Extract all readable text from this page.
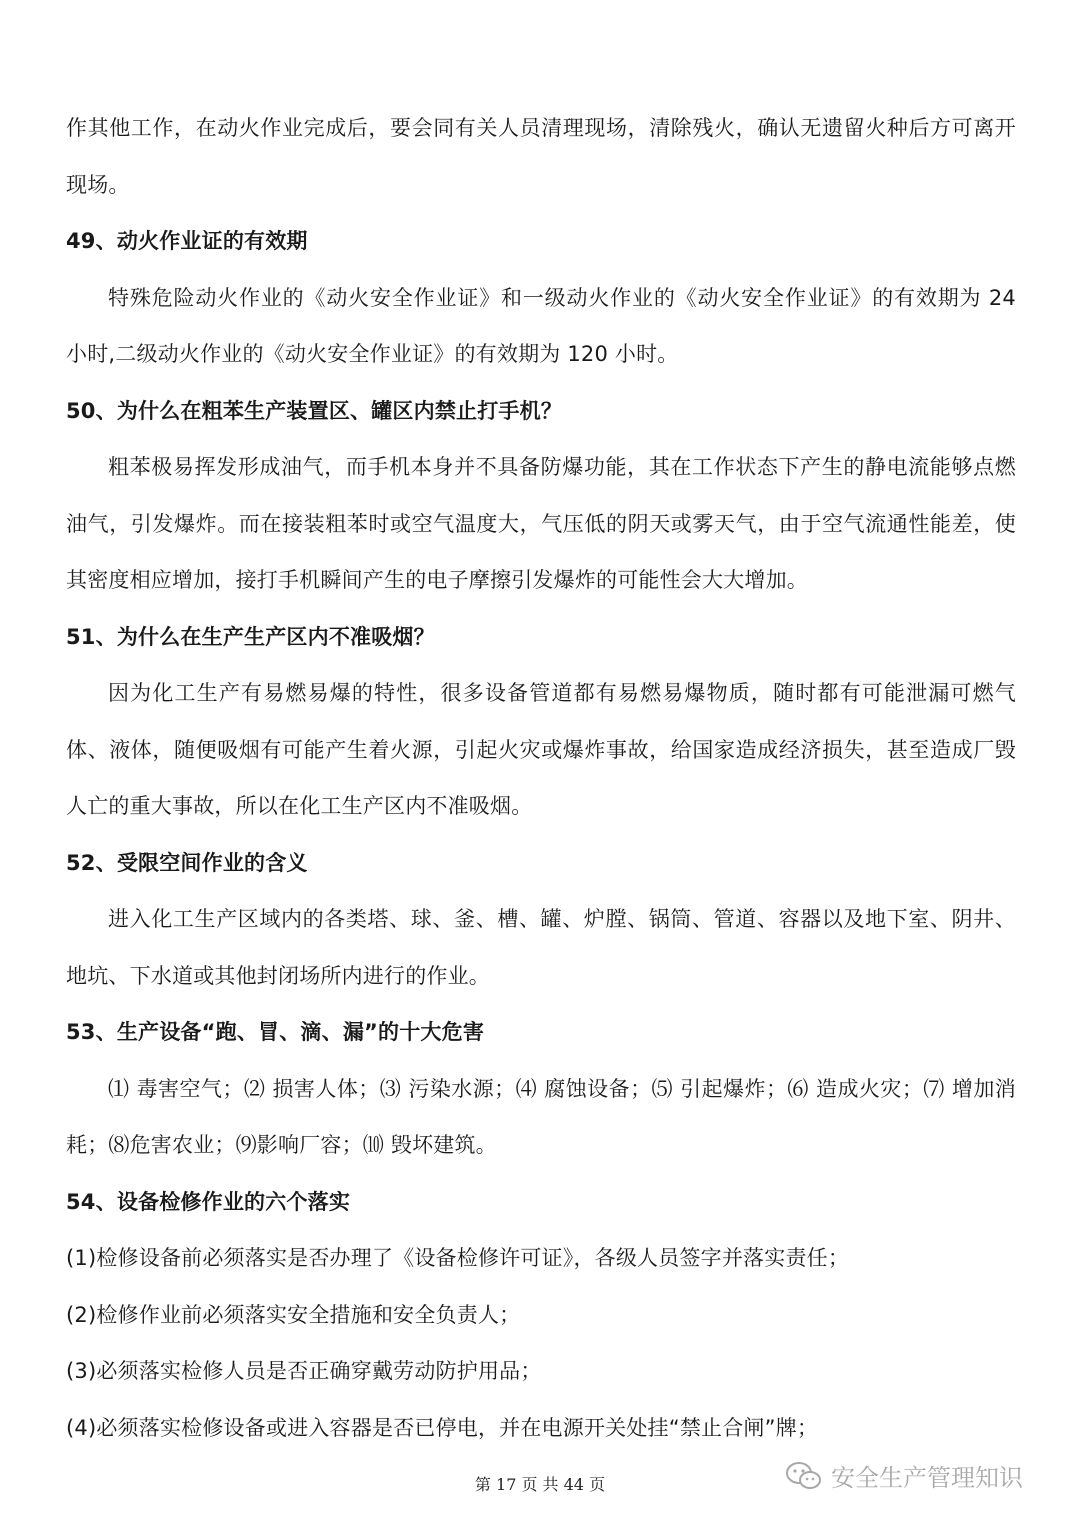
作其他工作，在动火作业完成后，要会同有关人员清理现场，清除残火，确认无遗留火种后方可离开现场。

49、动火作业证的有效期

特殊危险动火作业的《动火安全作业证》和一级动火作业的《动火安全作业证》的有效期为 24 小时,二级动火作业的《动火安全作业证》的有效期为 120 小时。

50、为什么在粗苯生产装置区、罐区内禁止打手机？

粗苯极易挥发形成油气，而手机本身并不具备防爆功能，其在工作状态下产生的静电流能够点燃油气，引发爆炸。而在接装粗苯时或空气温度大，气压低的阴天或雾天气，由于空气流通性能差，使其密度相应增加，接打手机瞬间产生的电子摩擦引发爆炸的可能性会大大增加。

51、为什么在生产生产区内不准吸烟？

因为化工生产有易燃易爆的特性，很多设备管道都有易燃易爆物质，随时都有可能泄漏可燃气体、液体，随便吸烟有可能产生着火源，引起火灾或爆炸事故，给国家造成经济损失，甚至造成厂毁人亡的重大事故，所以在化工生产区内不准吸烟。

52、受限空间作业的含义

进入化工生产区域内的各类塔、球、釜、槽、罐、炉膛、锅筒、管道、容器以及地下室、阴井、地坑、下水道或其他封闭场所内进行的作业。

53、生产设备“跑、冒、滴、漏”的十大危害

⑴ 毒害空气；⑵ 损害人体；⑶ 污染水源；⑷ 腐蚀设备；⑸ 引起爆炸；⑹ 造成火灾；⑺ 增加消耗；⑻危害农业；⑼影响厂容；⑽ 毁坏建筑。

54、设备检修作业的六个落实

(1)检修设备前必须落实是否办理了《设备检修许可证》，各级人员签字并落实责任；

(2)检修作业前必须落实安全措施和安全负责人；

(3)必须落实检修人员是否正确穿戴劳动防护用品；

(4)必须落实检修设备或进入容器是否已停电，并在电源开关处挂“禁止合闸”牌；

第 17 页 共 44 页	安全生产管理知识
